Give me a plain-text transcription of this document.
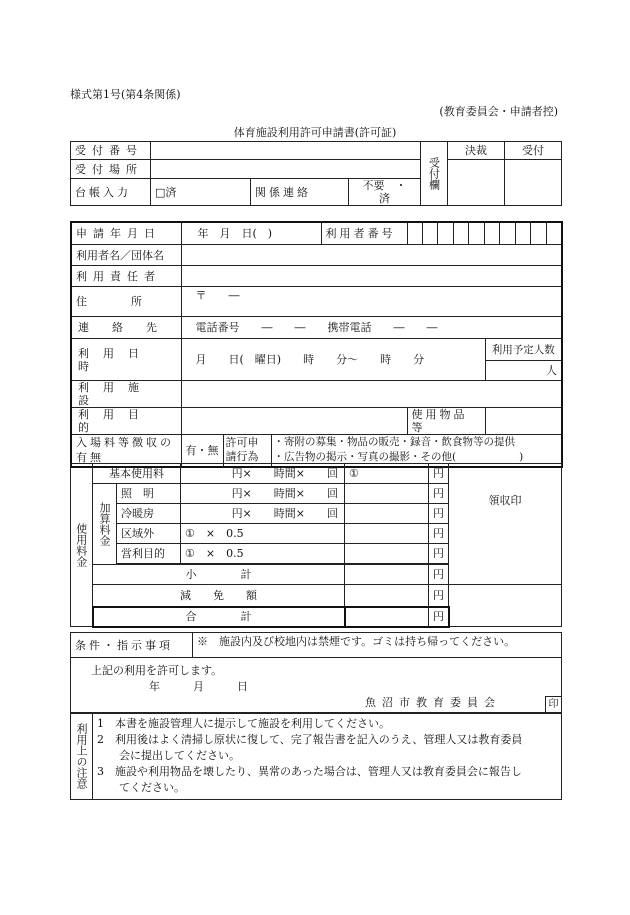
様式第1号(第4条関係)
(教育委員会・申請者控)
体育施設利用許可申請書(許可証)
受付番号				受付欄	決裁	受付
受付場所						
台帳入力	□済	関係連絡	不要　・　済			
申請年月日	年　月　日(　)			利用者番号		

利用者名／団体名						
利用責任者						
住　　　　所	〒　　―					
連　絡　先	電話番号　　―　　―　　携帯電話　　―　　―					
利用日時	月　　日(　曜日)　　時　　分～　　時　　分					利用予定人数
						人
利用施設						
利用目的					使用物品等	
入場料等徴収の有無	有・無	許可申請行為	・寄附の募集・物品の販売・録音・飲食物等の提供
・広告物の掲示・写真の撮影・その他(　　　　　　)			
使用料金	基本使用料		円×　　時間×　　回	①	円	領収印
	加算料金	照　明	円×　　時間×　　回		円	
		冷暖房	円×　　時間×　　回		円	
		区域外	①　×　0.5		円	
		営利目的	①　×　0.5		円	

	小　　　　計				円	
	減　　免　　額				円	
	合　　　　計				円	
条件・指示事項	※　施設内及び校地内は禁煙です。ゴミは持ち帰ってください。

上記の利用を許可します。
年　　　月　　　日
魚沼市教育委員会	印
利用上の注意	1　本書を施設管理人に提示して施設を利用してください。
2　利用後はよく清掃し原状に復して、完了報告書を記入のうえ、管理人又は教育委員
　　会に提出してください。
3　施設や利用物品を壊したり、異常のあった場合は、管理人又は教育委員会に報告し
　　てください。
